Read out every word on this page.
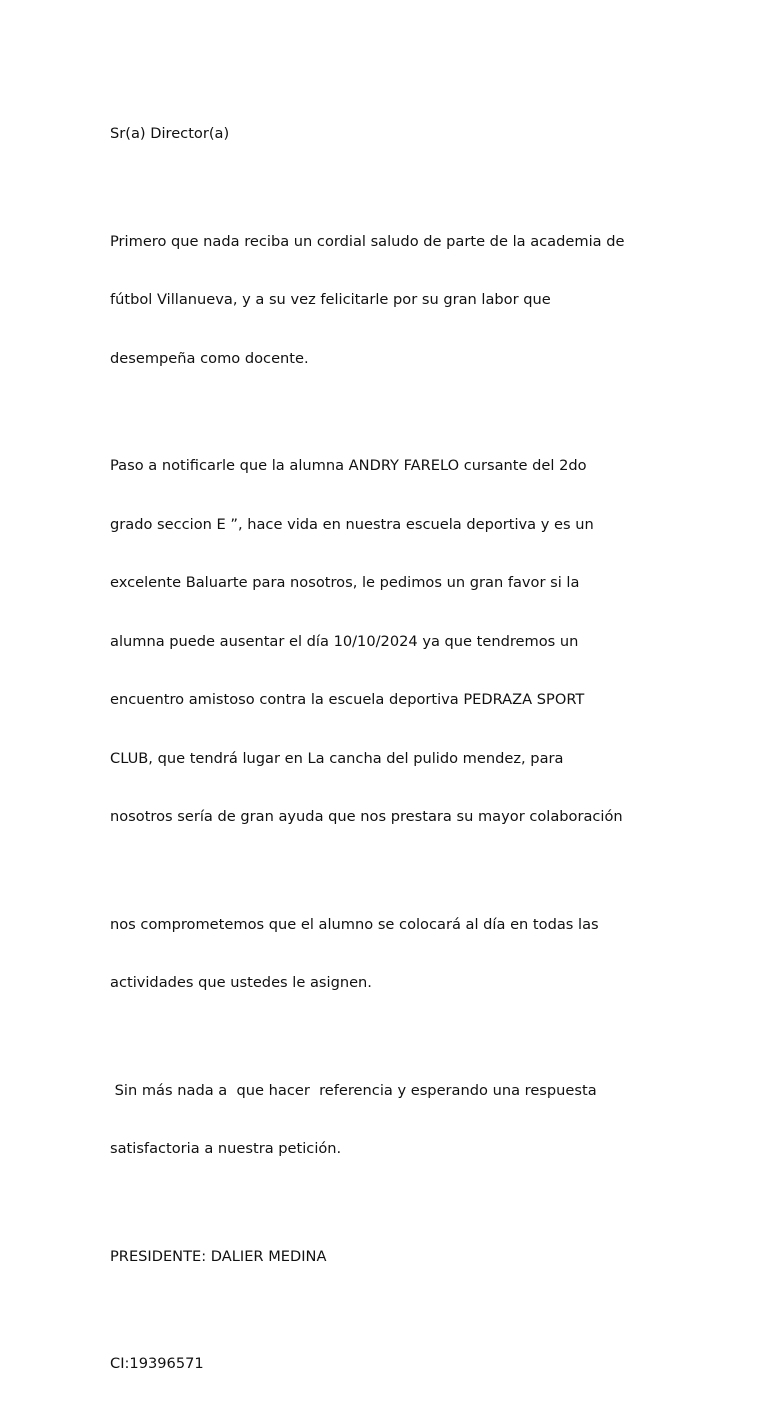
Sr(a) Director(a)

Primero que nada reciba un cordial saludo de parte de la academia de

fútbol Villanueva, y a su vez felicitarle por su gran labor que

desempeña como docente.

Paso a notificarle que la alumna ANDRY FARELO cursante del 2do

grado seccion E ”, hace vida en nuestra escuela deportiva y es un

excelente Baluarte para nosotros, le pedimos un gran favor si la

alumna puede ausentar el día 10/10/2024 ya que tendremos un

encuentro amistoso contra la escuela deportiva PEDRAZA SPORT

CLUB, que tendrá lugar en La cancha del pulido mendez, para

nosotros sería de gran ayuda que nos prestara su mayor colaboración

nos comprometemos que el alumno se colocará al día en todas las

actividades que ustedes le asignen.

Sin más nada a  que hacer  referencia y esperando una respuesta

satisfactoria a nuestra petición.

PRESIDENTE: DALIER MEDINA

CI:19396571
